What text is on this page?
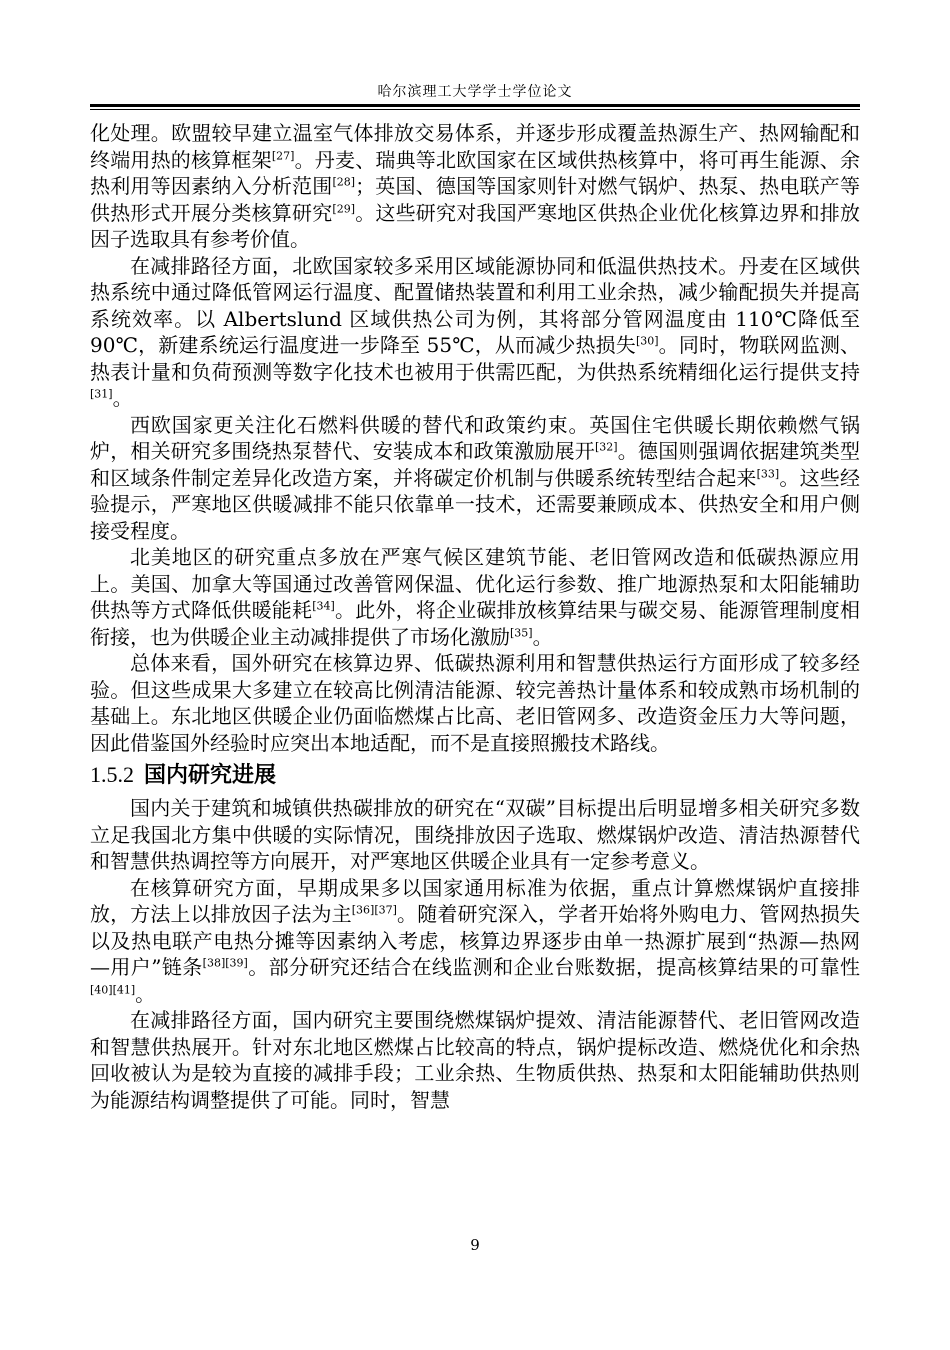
哈尔滨理工大学学士学位论文

化处理。欧盟较早建立温室气体排放交易体系，并逐步形成覆盖热源生产、热网输配和终端用热的核算框架[27]。丹麦、瑞典等北欧国家在区域供热核算中，将可再生能源、余热利用等因素纳入分析范围[28]；英国、德国等国家则针对燃气锅炉、热泵、热电联产等供热形式开展分类核算研究[29]。这些研究对我国严寒地区供热企业优化核算边界和排放因子选取具有参考价值。

在减排路径方面，北欧国家较多采用区域能源协同和低温供热技术。丹麦在区域供热系统中通过降低管网运行温度、配置储热装置和利用工业余热，减少输配损失并提高系统效率。以 Albertslund 区域供热公司为例，其将部分管网温度由 110℃降低至 90℃，新建系统运行温度进一步降至 55℃，从而减少热损失[30]。同时，物联网监测、热表计量和负荷预测等数字化技术也被用于供需匹配，为供热系统精细化运行提供支持[31]。

西欧国家更关注化石燃料供暖的替代和政策约束。英国住宅供暖长期依赖燃气锅炉，相关研究多围绕热泵替代、安装成本和政策激励展开[32]。德国则强调依据建筑类型和区域条件制定差异化改造方案，并将碳定价机制与供暖系统转型结合起来[33]。这些经验提示，严寒地区供暖减排不能只依靠单一技术，还需要兼顾成本、供热安全和用户侧接受程度。

北美地区的研究重点多放在严寒气候区建筑节能、老旧管网改造和低碳热源应用上。美国、加拿大等国通过改善管网保温、优化运行参数、推广地源热泵和太阳能辅助供热等方式降低供暖能耗[34]。此外，将企业碳排放核算结果与碳交易、能源管理制度相衔接，也为供暖企业主动减排提供了市场化激励[35]。

总体来看，国外研究在核算边界、低碳热源利用和智慧供热运行方面形成了较多经验。但这些成果大多建立在较高比例清洁能源、较完善热计量体系和较成熟市场机制的基础上。东北地区供暖企业仍面临燃煤占比高、老旧管网多、改造资金压力大等问题，因此借鉴国外经验时应突出本地适配，而不是直接照搬技术路线。

1.5.2 国内研究进展

国内关于建筑和城镇供热碳排放的研究在“双碳”目标提出后明显增多相关研究多数立足我国北方集中供暖的实际情况，围绕排放因子选取、燃煤锅炉改造、清洁热源替代和智慧供热调控等方向展开，对严寒地区供暖企业具有一定参考意义。

在核算研究方面，早期成果多以国家通用标准为依据，重点计算燃煤锅炉直接排放，方法上以排放因子法为主[36][37]。随着研究深入，学者开始将外购电力、管网热损失以及热电联产电热分摊等因素纳入考虑，核算边界逐步由单一热源扩展到“热源—热网—用户”链条[38][39]。部分研究还结合在线监测和企业台账数据，提高核算结果的可靠性[40][41]。

在减排路径方面，国内研究主要围绕燃煤锅炉提效、清洁能源替代、老旧管网改造和智慧供热展开。针对东北地区燃煤占比较高的特点，锅炉提标改造、燃烧优化和余热回收被认为是较为直接的减排手段；工业余热、生物质供热、热泵和太阳能辅助供热则为能源结构调整提供了可能。同时，智慧

9
